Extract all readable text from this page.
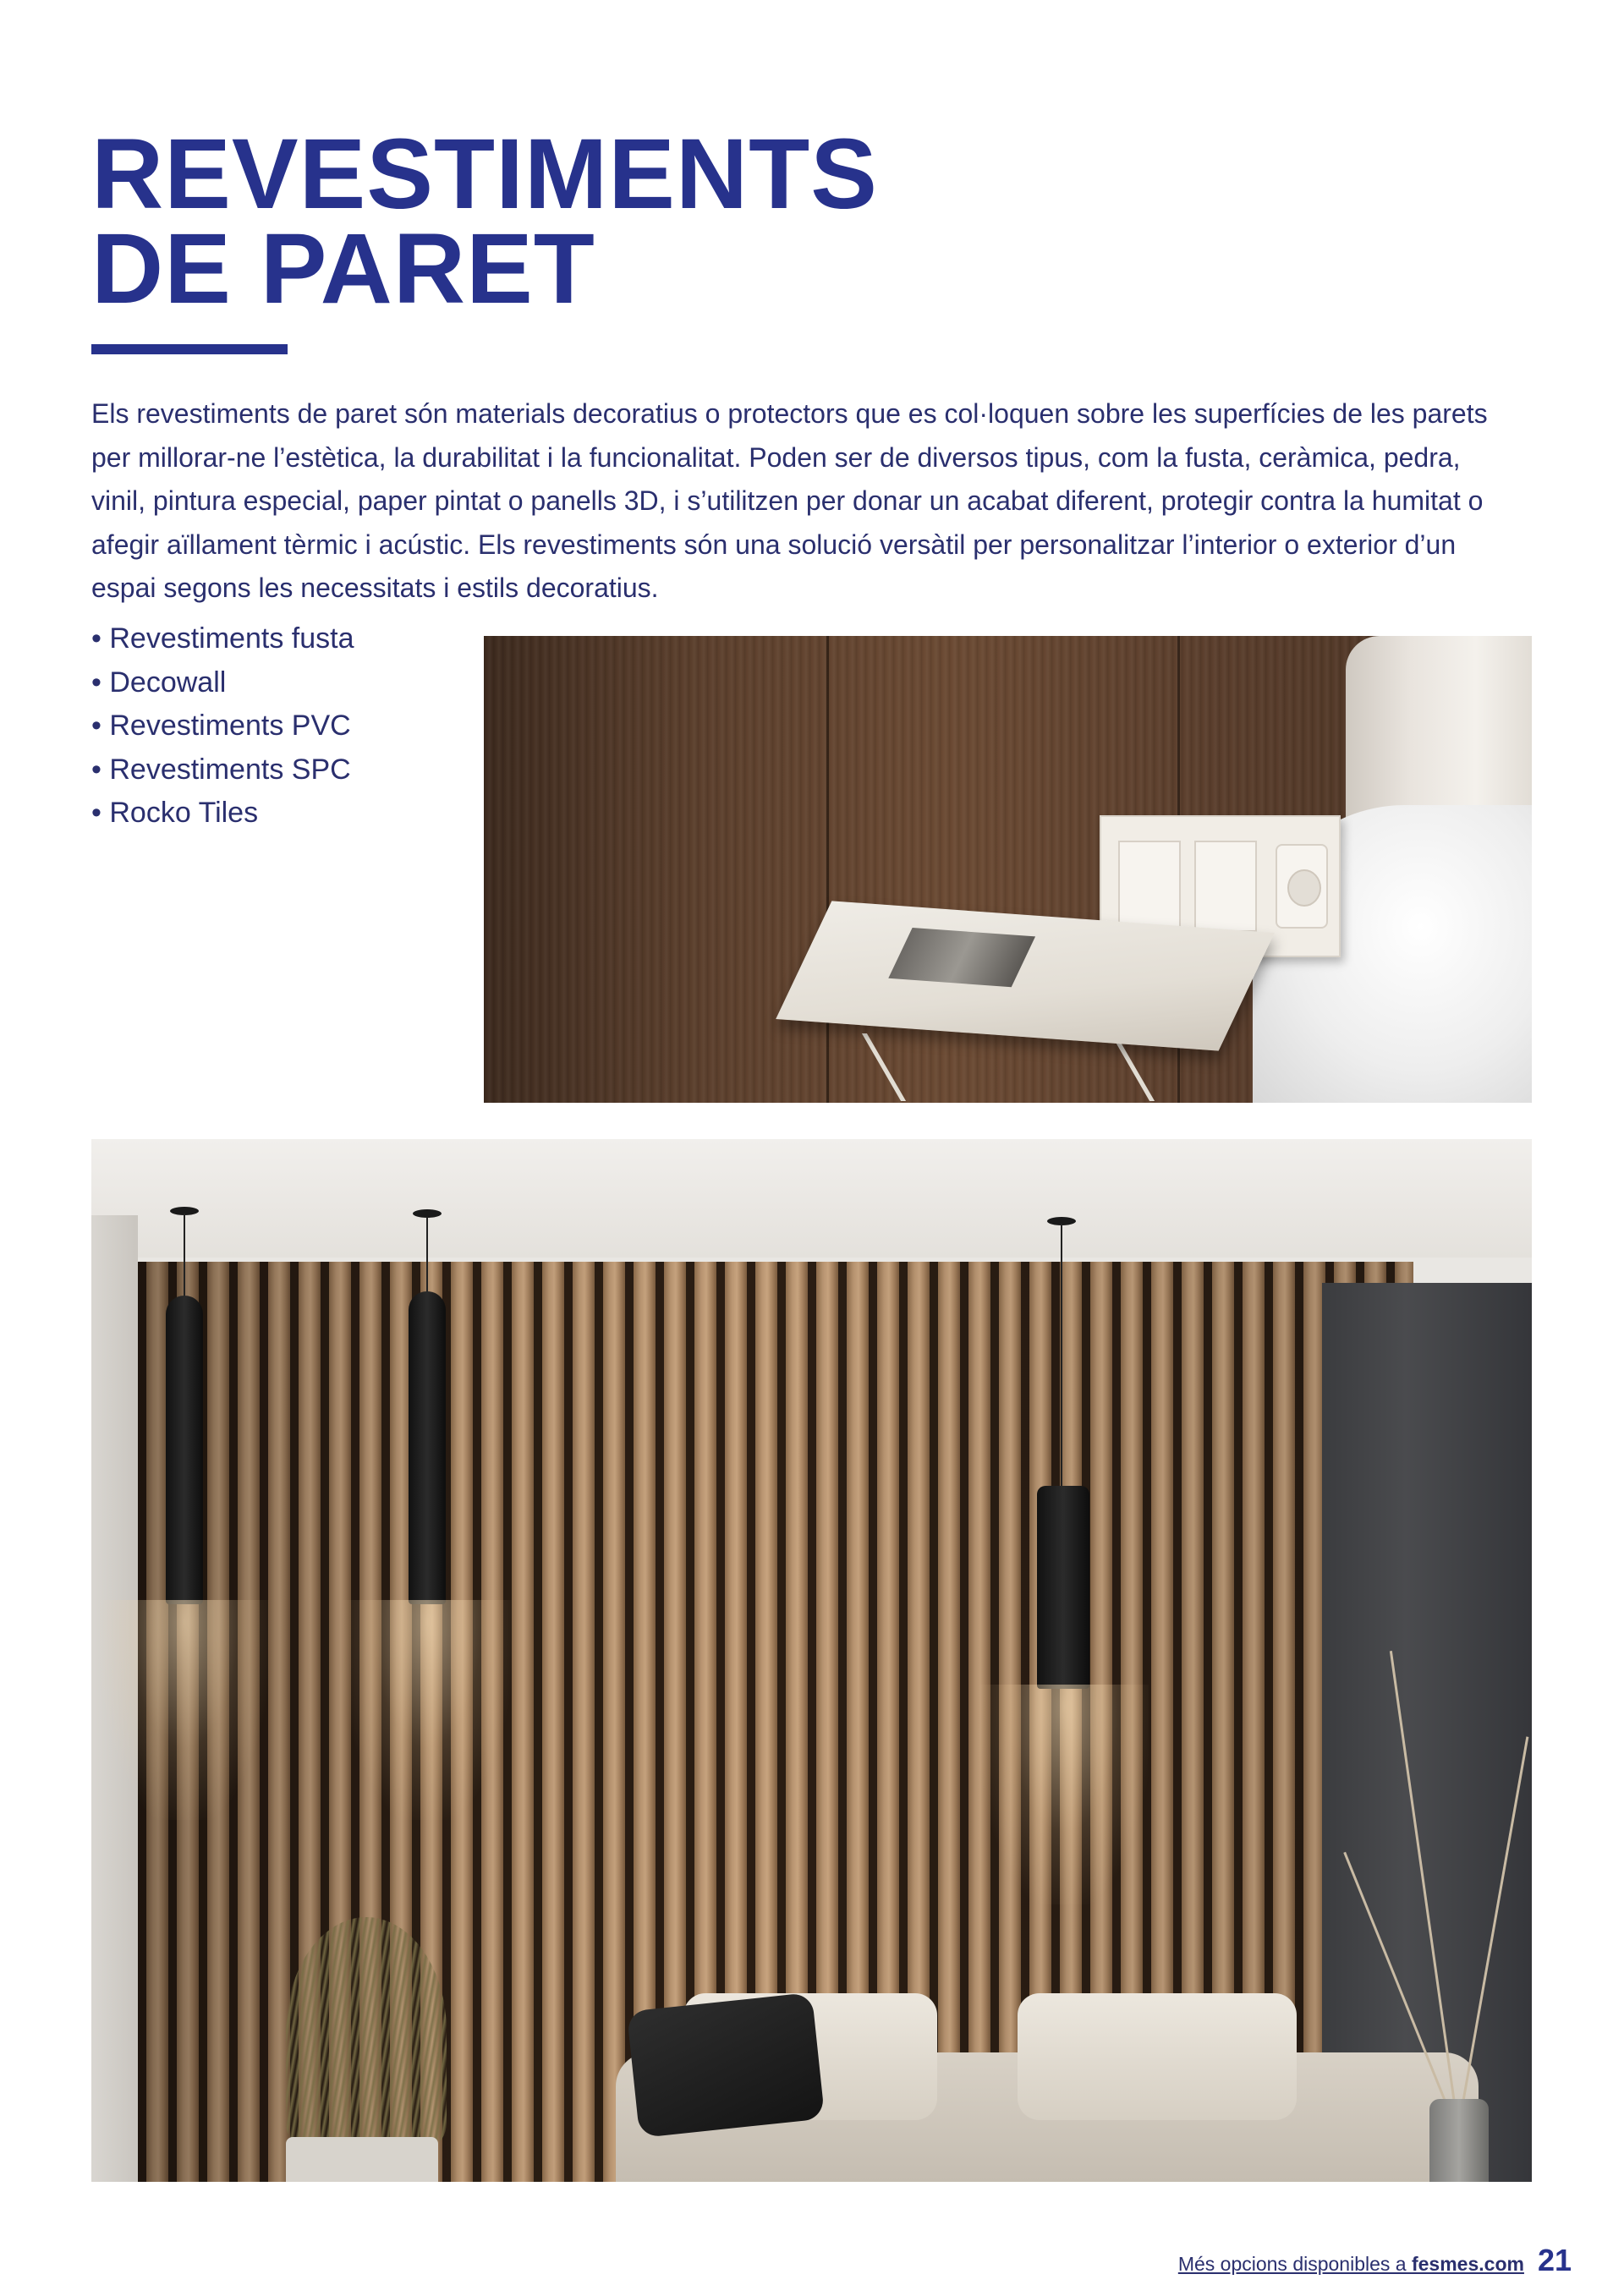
REVESTIMENTS
DE PARET

Els revestiments de paret són materials decoratius o protectors que es col·loquen sobre les superfícies de les parets per millorar-ne l’estètica, la durabilitat i la funcionalitat. Poden ser de diversos tipus, com la fusta, ceràmica, pedra, vinil, pintura especial, paper pintat o panells 3D, i s’utilitzen per donar un acabat diferent, protegir contra la humitat o afegir aïllament tèrmic i acústic. Els revestiments són una solució versàtil per personalitzar l’interior o exterior d’un espai segons les necessitats i estils decoratius.

• Revestiments fusta
• Decowall
• Revestiments PVC
• Revestiments SPC
• Rocko Tiles
Més opcions disponibles a fesmes.com 21
